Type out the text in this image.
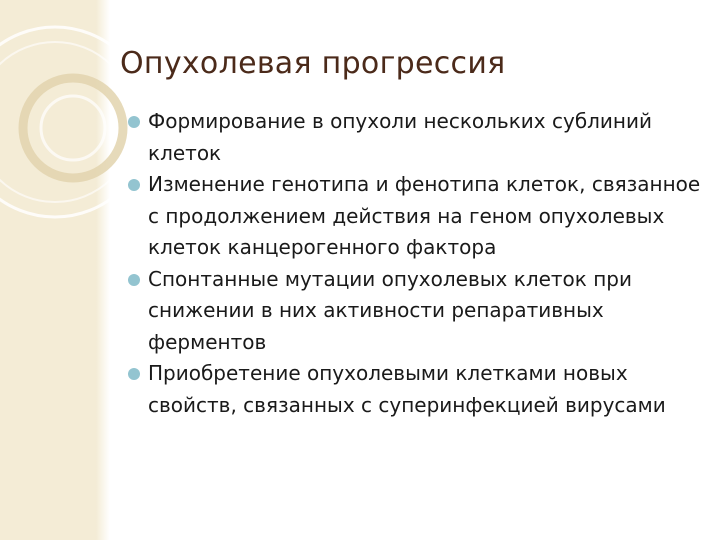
Опухолевая прогрессия
Формирование в опухоли нескольких сублиний клеток
Изменение генотипа и фенотипа клеток, связанное с продолжением действия на геном опухолевых клеток канцерогенного фактора
Спонтанные мутации опухолевых клеток при снижении в них активности репаративных ферментов
Приобретение опухолевыми клетками новых свойств, связанных с суперинфекцией вирусами
